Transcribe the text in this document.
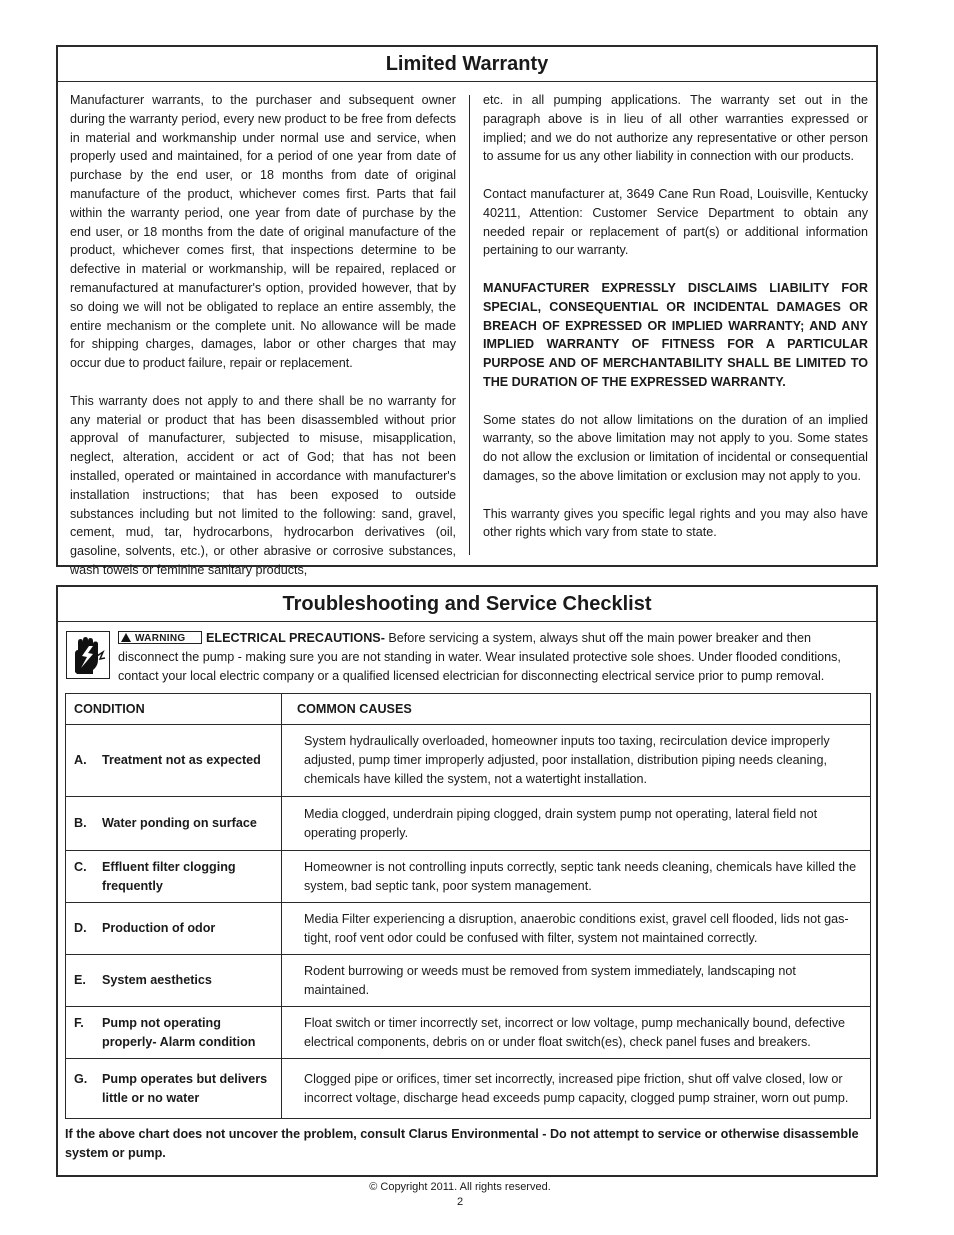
Limited Warranty

Manufacturer warrants, to the purchaser and subsequent owner during the warranty period, every new product to be free from defects in material and workmanship under normal use and service, when properly used and maintained, for a period of one year from date of purchase by the end user, or 18 months from date of original manufacture of the product, whichever comes first. Parts that fail within the warranty period, one year from date of purchase by the end user, or 18 months from the date of original manufacture of the product, whichever comes first, that inspections determine to be defective in material or workmanship, will be repaired, replaced or remanufactured at manufacturer's option, provided however, that by so doing we will not be obligated to replace an entire assembly, the entire mechanism or the complete unit. No allowance will be made for shipping charges, damages, labor or other charges that may occur due to product failure, repair or replacement.

This warranty does not apply to and there shall be no warranty for any material or product that has been disassembled without prior approval of manufacturer, subjected to misuse, misapplication, neglect, alteration, accident or act of God; that has not been installed, operated or maintained in accordance with manufacturer's installation instructions; that has been exposed to outside substances including but not limited to the following: sand, gravel, cement, mud, tar, hydrocarbons, hydrocarbon derivatives (oil, gasoline, solvents, etc.), or other abrasive or corrosive substances, wash towels or feminine sanitary products,

etc. in all pumping applications. The warranty set out in the paragraph above is in lieu of all other warranties expressed or implied; and we do not authorize any representative or other person to assume for us any other liability in connection with our products.

Contact manufacturer at, 3649 Cane Run Road, Louisville, Kentucky 40211, Attention: Customer Service Department to obtain any needed repair or replacement of part(s) or additional information pertaining to our warranty.

MANUFACTURER EXPRESSLY DISCLAIMS LIABILITY FOR SPECIAL, CONSEQUENTIAL OR INCIDENTAL DAMAGES OR BREACH OF EXPRESSED OR IMPLIED WARRANTY; AND ANY IMPLIED WARRANTY OF FITNESS FOR A PARTICULAR PURPOSE AND OF MERCHANTABILITY SHALL BE LIMITED TO THE DURATION OF THE EXPRESSED WARRANTY.

Some states do not allow limitations on the duration of an implied warranty, so the above limitation may not apply to you. Some states do not allow the exclusion or limitation of incidental or consequential damages, so the above limitation or exclusion may not apply to you.

This warranty gives you specific legal rights and you may also have other rights which vary from state to state.

Troubleshooting and Service Checklist
WARNING ELECTRICAL PRECAUTIONS- Before servicing a system, always shut off the main power breaker and then disconnect the pump - making sure you are not standing in water. Wear insulated protective sole shoes. Under flooded conditions, contact your local electric company or a qualified licensed electrician for disconnecting electrical service prior to pump removal.
CONDITION	COMMON CAUSES

A. Treatment not as expected	System hydraulically overloaded, homeowner inputs too taxing, recirculation device improperly adjusted, pump timer improperly adjusted, poor installation, distribution piping needs cleaning, chemicals have killed the system, not a watertight installation.

B. Water ponding on surface	Media clogged, underdrain piping clogged, drain system pump not operating, lateral field not operating properly.

C. Effluent filter clogging frequently	Homeowner is not controlling inputs correctly, septic tank needs cleaning, chemicals have killed the system, bad septic tank, poor system management.

D. Production of odor	Media Filter experiencing a disruption, anaerobic conditions exist, gravel cell flooded, lids not gas- tight, roof vent odor could be confused with filter, system not maintained correctly.

E. System aesthetics	Rodent burrowing or weeds must be removed from system immediately, landscaping not maintained.

F. Pump not operating properly- Alarm condition	Float switch or timer incorrectly set, incorrect or low voltage, pump mechanically bound, defective electrical components, debris on or under float switch(es), check panel fuses and breakers.

G. Pump operates but delivers little or no water	Clogged pipe or orifices, timer set incorrectly, increased pipe friction, shut off valve closed, low or incorrect voltage, discharge head exceeds pump capacity, clogged pump strainer, worn out pump.
If the above chart does not uncover the problem, consult Clarus Environmental - Do not attempt to service or otherwise disassemble system or pump.
© Copyright 2011. All rights reserved.
2
